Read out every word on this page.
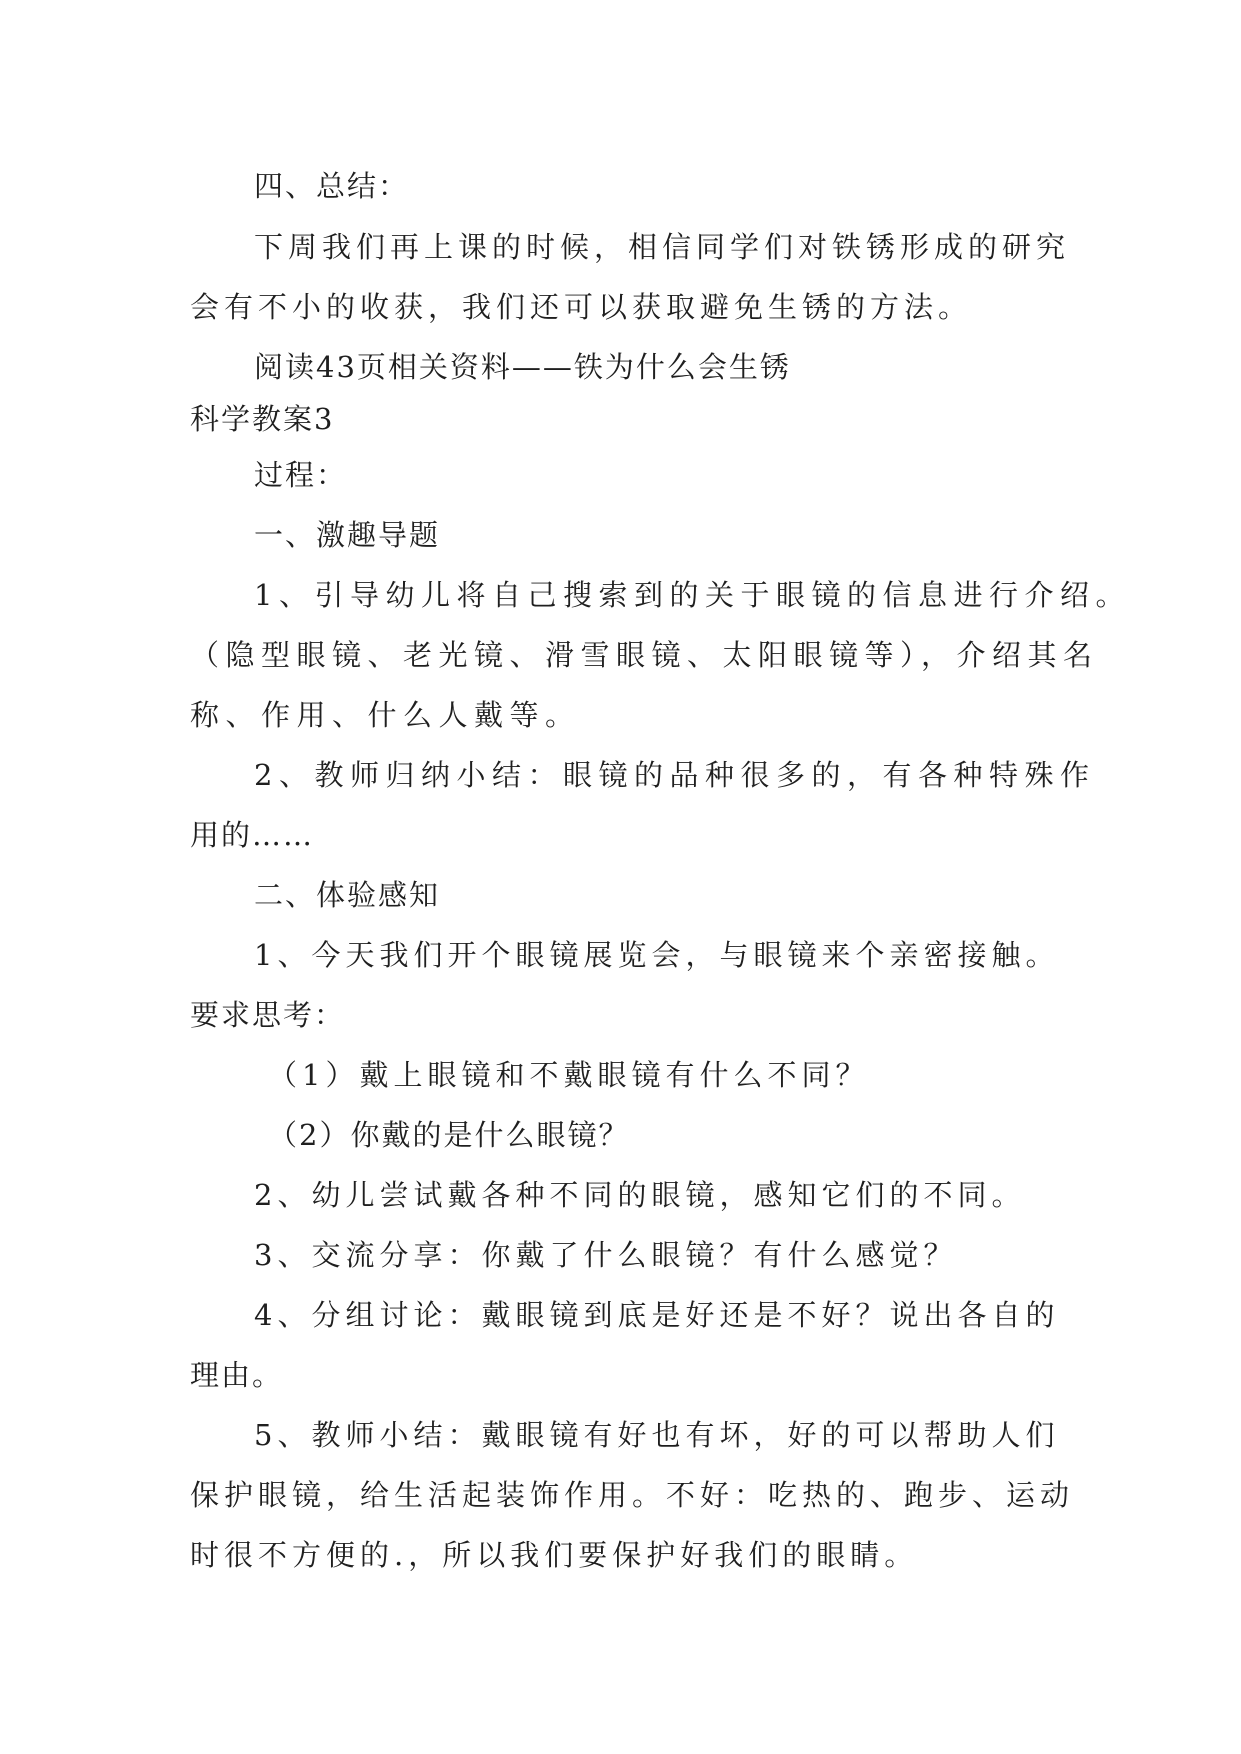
四、总结：
下周我们再上课的时候，相信同学们对铁锈形成的研究
会有不小的收获，我们还可以获取避免生锈的方法。
阅读43页相关资料——铁为什么会生锈
科学教案3
过程：
一、激趣导题
1、引导幼儿将自己搜索到的关于眼镜的信息进行介绍。
（隐型眼镜、老光镜、滑雪眼镜、太阳眼镜等），介绍其名
称、作用、什么人戴等。
2、教师归纳小结：眼镜的品种很多的，有各种特殊作
用的……
二、体验感知
1、今天我们开个眼镜展览会，与眼镜来个亲密接触。
要求思考：
（1）戴上眼镜和不戴眼镜有什么不同？
（2）你戴的是什么眼镜？
2、幼儿尝试戴各种不同的眼镜，感知它们的不同。
3、交流分享：你戴了什么眼镜？有什么感觉？
4、分组讨论：戴眼镜到底是好还是不好？说出各自的
理由。
5、教师小结：戴眼镜有好也有坏，好的可以帮助人们
保护眼镜，给生活起装饰作用。不好：吃热的、跑步、运动
时很不方便的.，所以我们要保护好我们的眼睛。
